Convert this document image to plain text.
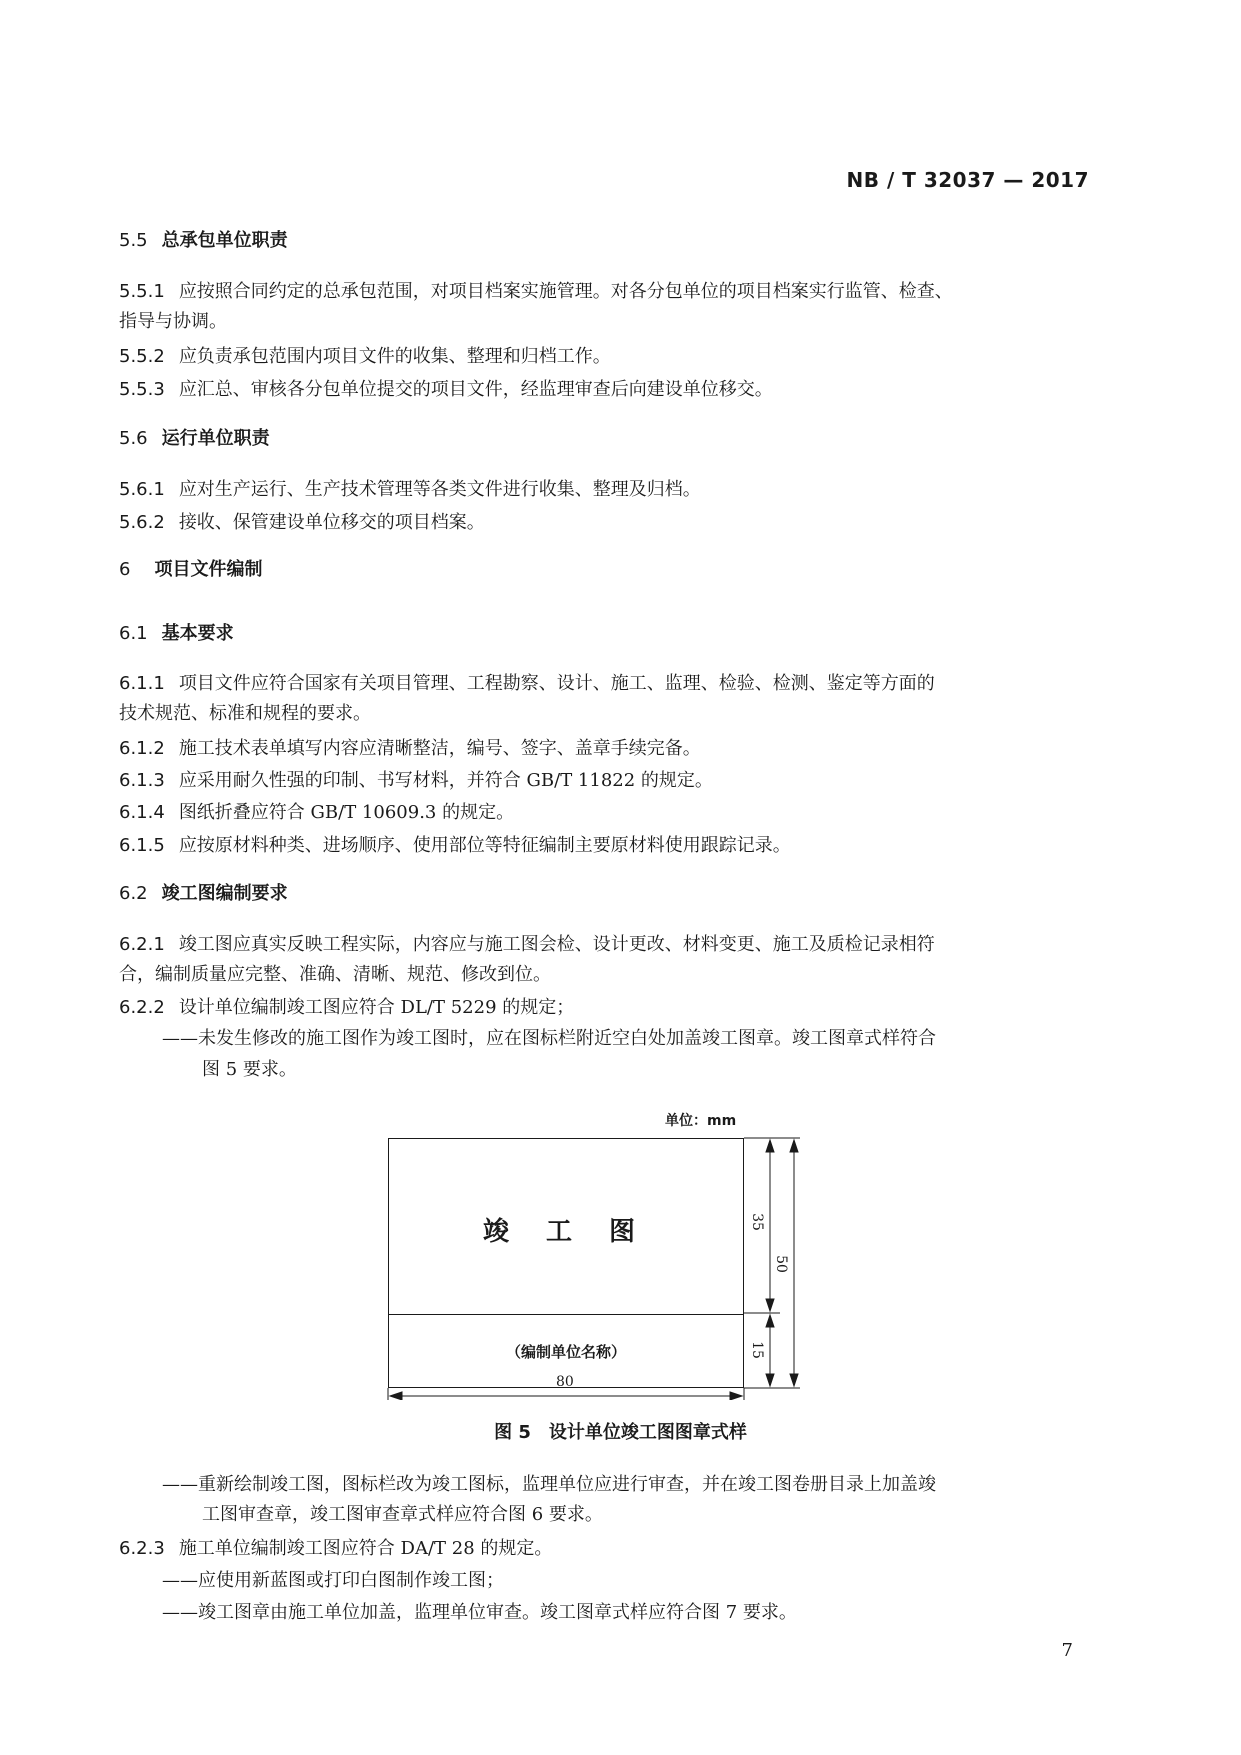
NB / T 32037 — 2017
5.5 总承包单位职责
5.5.1 应按照合同约定的总承包范围，对项目档案实施管理。对各分包单位的项目档案实行监管、检查、
指导与协调。
5.5.2 应负责承包范围内项目文件的收集、整理和归档工作。
5.5.3 应汇总、审核各分包单位提交的项目文件，经监理审查后向建设单位移交。
5.6 运行单位职责
5.6.1 应对生产运行、生产技术管理等各类文件进行收集、整理及归档。
5.6.2 接收、保管建设单位移交的项目档案。
6 项目文件编制
6.1 基本要求
6.1.1 项目文件应符合国家有关项目管理、工程勘察、设计、施工、监理、检验、检测、鉴定等方面的
技术规范、标准和规程的要求。
6.1.2 施工技术表单填写内容应清晰整洁，编号、签字、盖章手续完备。
6.1.3 应采用耐久性强的印制、书写材料，并符合 GB/T 11822 的规定。
6.1.4 图纸折叠应符合 GB/T 10609.3 的规定。
6.1.5 应按原材料种类、进场顺序、使用部位等特征编制主要原材料使用跟踪记录。
6.2 竣工图编制要求
6.2.1 竣工图应真实反映工程实际，内容应与施工图会检、设计更改、材料变更、施工及质检记录相符
合，编制质量应完整、准确、清晰、规范、修改到位。
6.2.2 设计单位编制竣工图应符合 DL/T 5229 的规定；
——未发生修改的施工图作为竣工图时，应在图标栏附近空白处加盖竣工图章。竣工图章式样符合
图 5 要求。
单位：mm
竣 工 图
（编制单位名称）
35
50
15
80
图 5 设计单位竣工图图章式样
——重新绘制竣工图，图标栏改为竣工图标，监理单位应进行审查，并在竣工图卷册目录上加盖竣
工图审查章，竣工图审查章式样应符合图 6 要求。
6.2.3 施工单位编制竣工图应符合 DA/T 28 的规定。
——应使用新蓝图或打印白图制作竣工图；
——竣工图章由施工单位加盖，监理单位审查。竣工图章式样应符合图 7 要求。
7
